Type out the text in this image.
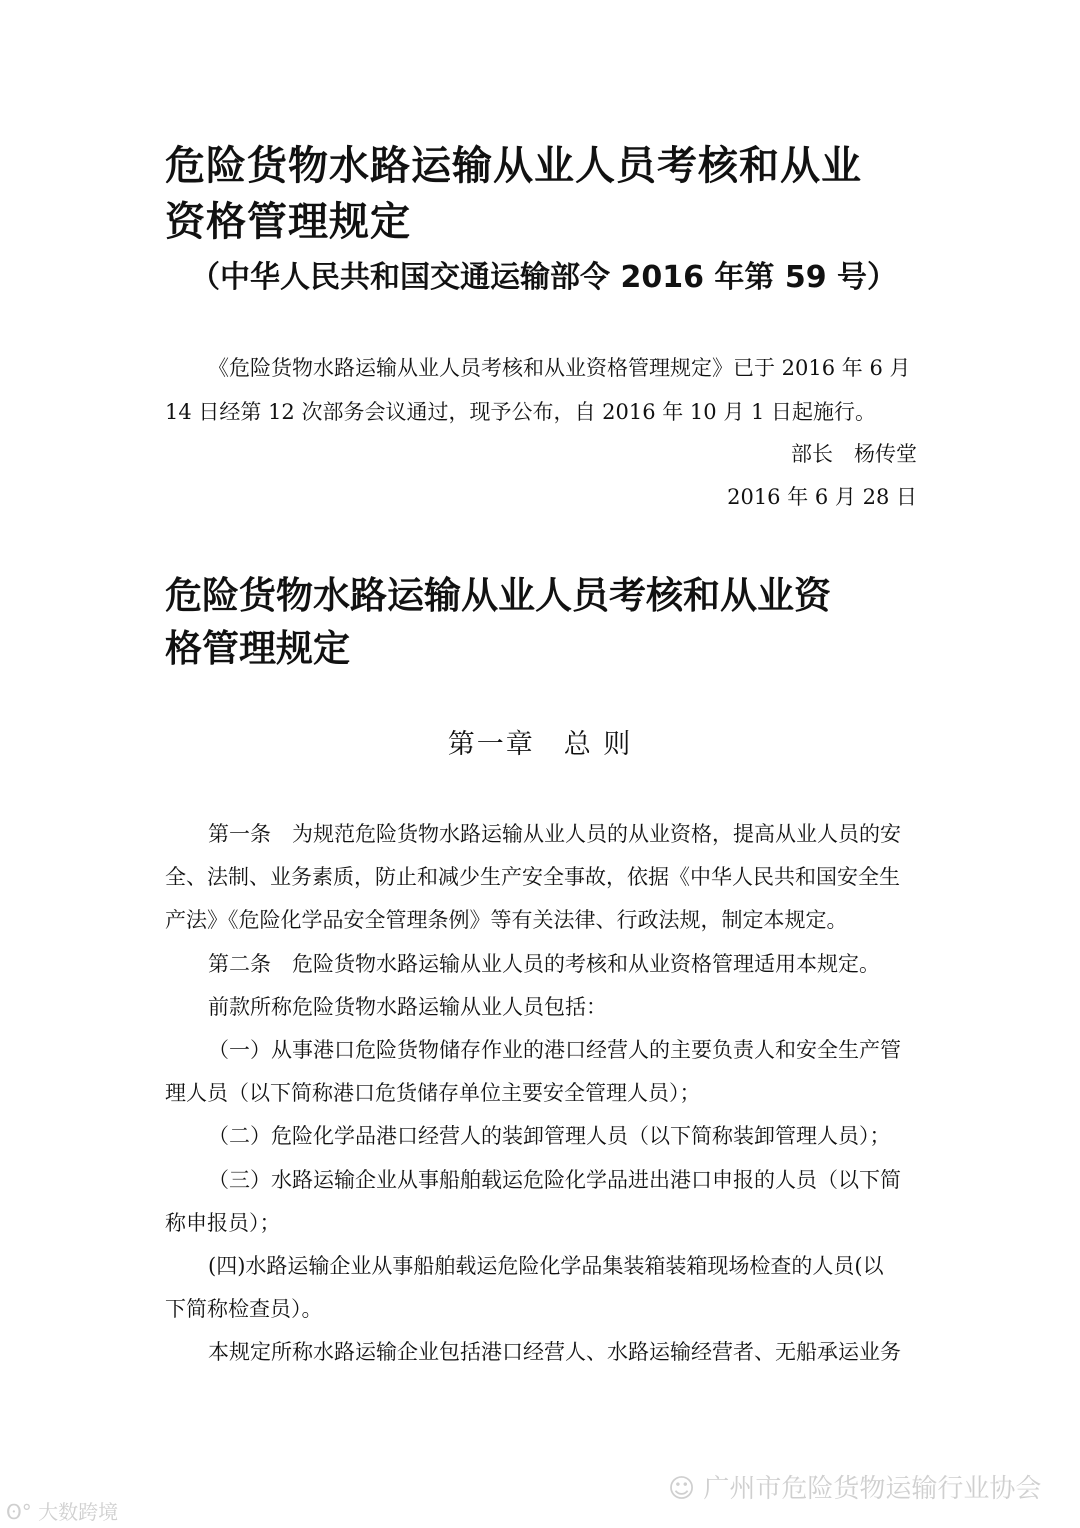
危险货物水路运输从业人员考核和从业
资格管理规定
（中华人民共和国交通运输部令 2016 年第 59 号）
《危险货物水路运输从业人员考核和从业资格管理规定》已于 2016 年 6 月
14 日经第 12 次部务会议通过，现予公布，自 2016 年 10 月 1 日起施行。
部长　杨传堂
2016 年 6 月 28 日
危险货物水路运输从业人员考核和从业资
格管理规定
第一章　总 则
第一条　为规范危险货物水路运输从业人员的从业资格，提高从业人员的安
全、法制、业务素质，防止和减少生产安全事故，依据《中华人民共和国安全生
产法》《危险化学品安全管理条例》等有关法律、行政法规，制定本规定。
第二条　危险货物水路运输从业人员的考核和从业资格管理适用本规定。
前款所称危险货物水路运输从业人员包括：
（一）从事港口危险货物储存作业的港口经营人的主要负责人和安全生产管
理人员（以下简称港口危货储存单位主要安全管理人员）；
（二）危险化学品港口经营人的装卸管理人员（以下简称装卸管理人员）；
（三）水路运输企业从事船舶载运危险化学品进出港口申报的人员（以下简
称申报员）；
(四)水路运输企业从事船舶载运危险化学品集装箱装箱现场检查的人员(以
下简称检查员）。
本规定所称水路运输企业包括港口经营人、水路运输经营者、无船承运业务
☺ 广州市危险货物运输行业协会
ʘ° 大数跨境
